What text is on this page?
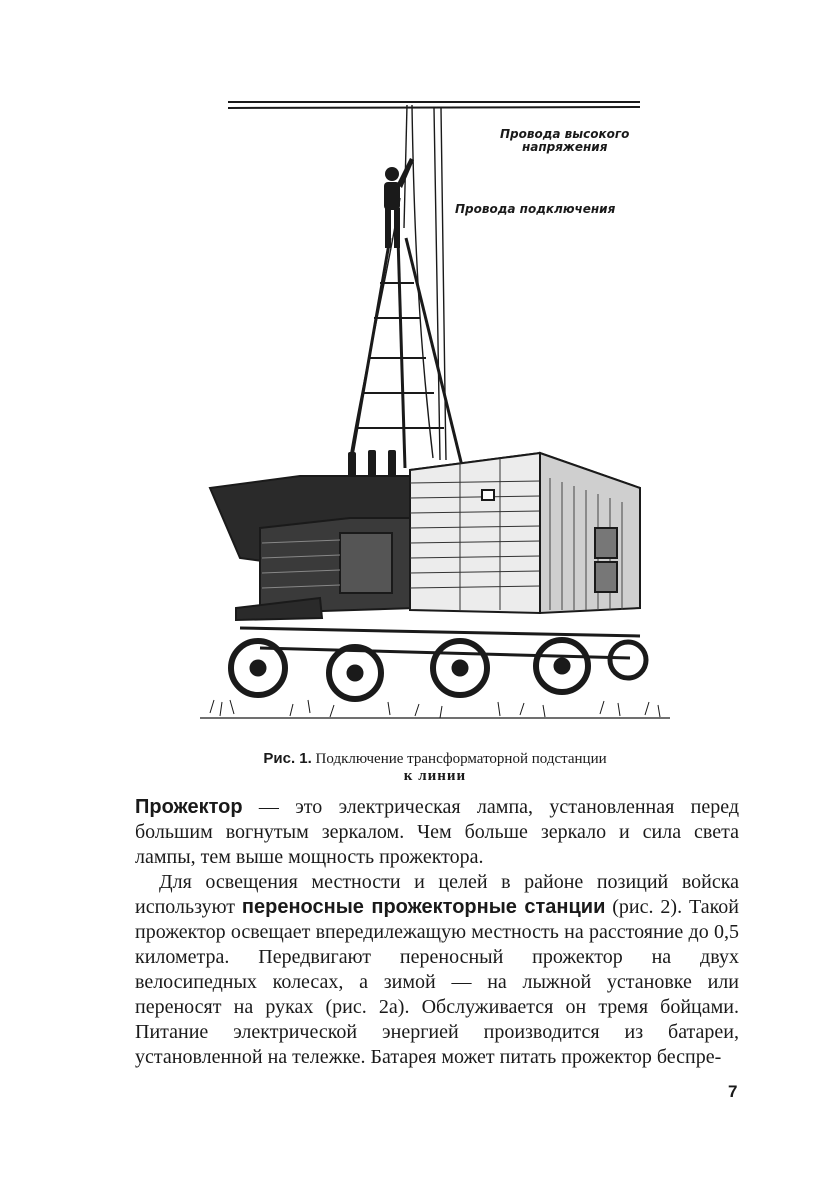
Провода высокого
напряжения
Провода подключения
Рис. 1. Подключение трансформаторной подстанции
к линии

Прожектор — это электрическая лампа, установленная перед большим вогнутым зеркалом. Чем больше зеркало и сила света лампы, тем выше мощность прожектора.

Для освещения местности и целей в районе позиций войска используют переносные прожекторные станции (рис. 2). Такой прожектор освещает впередилежащую местность на расстояние до 0,5 километра. Передвигают переносный прожектор на двух велосипедных колесах, а зимой — на лыжной установке или переносят на руках (рис. 2а). Обслуживается он тремя бойцами. Питание электрической энергией производится из батареи, установленной на тележке. Батарея может питать прожектор беспре-

7
